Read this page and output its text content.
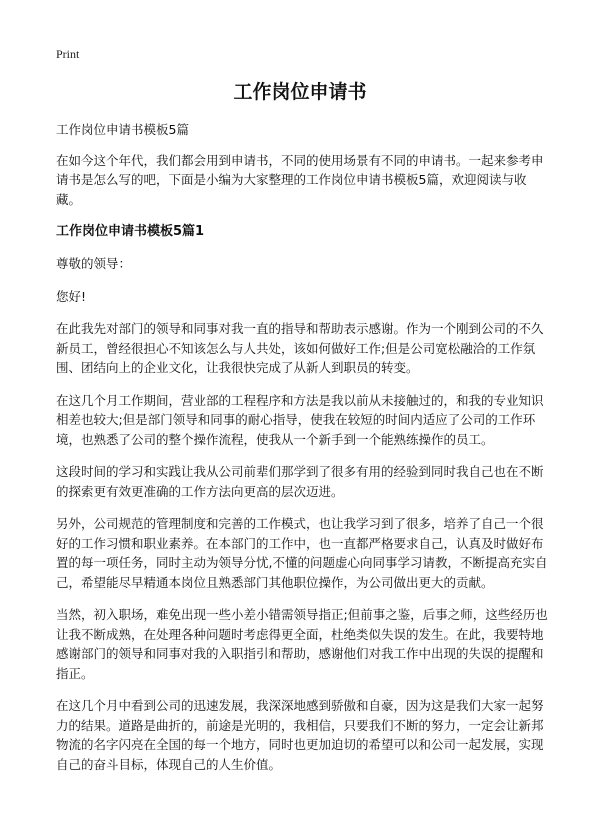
Print
工作岗位申请书

工作岗位申请书模板5篇

在如今这个年代，我们都会用到申请书，不同的使用场景有不同的申请书。一起来参考申请书是怎么写的吧，下面是小编为大家整理的工作岗位申请书模板5篇，欢迎阅读与收藏。

工作岗位申请书模板5篇1

尊敬的领导：

您好!

在此我先对部门的领导和同事对我一直的指导和帮助表示感谢。作为一个刚到公司的不久新员工，曾经很担心不知该怎么与人共处，该如何做好工作;但是公司宽松融洽的工作氛围、团结向上的企业文化，让我很快完成了从新人到职员的转变。

在这几个月工作期间，营业部的工程程序和方法是我以前从未接触过的，和我的专业知识相差也较大;但是部门领导和同事的耐心指导，使我在较短的时间内适应了公司的工作环境，也熟悉了公司的整个操作流程，使我从一个新手到一个能熟练操作的员工。

这段时间的学习和实践让我从公司前辈们那学到了很多有用的经验到同时我自己也在不断的探索更有效更准确的工作方法向更高的层次迈进。

另外，公司规范的管理制度和完善的工作模式，也让我学习到了很多，培养了自己一个很好的工作习惯和职业素养。在本部门的工作中，也一直都严格要求自己，认真及时做好布置的每一项任务，同时主动为领导分忧,不懂的问题虚心向同事学习请教，不断提高充实自己，希望能尽早精通本岗位且熟悉部门其他职位操作，为公司做出更大的贡献。

当然，初入职场，难免出现一些小差小错需领导指正;但前事之鉴，后事之师，这些经历也让我不断成熟，在处理各种问题时考虑得更全面，杜绝类似失误的发生。在此，我要特地感谢部门的领导和同事对我的入职指引和帮助，感谢他们对我工作中出现的失误的提醒和指正。

在这几个月中看到公司的迅速发展，我深深地感到骄傲和自豪，因为这是我们大家一起努力的结果。道路是曲折的，前途是光明的，我相信，只要我们不断的努力，一定会让新邦物流的名字闪亮在全国的每一个地方，同时也更加迫切的希望可以和公司一起发展，实现自己的奋斗目标，体现自己的人生价值。
